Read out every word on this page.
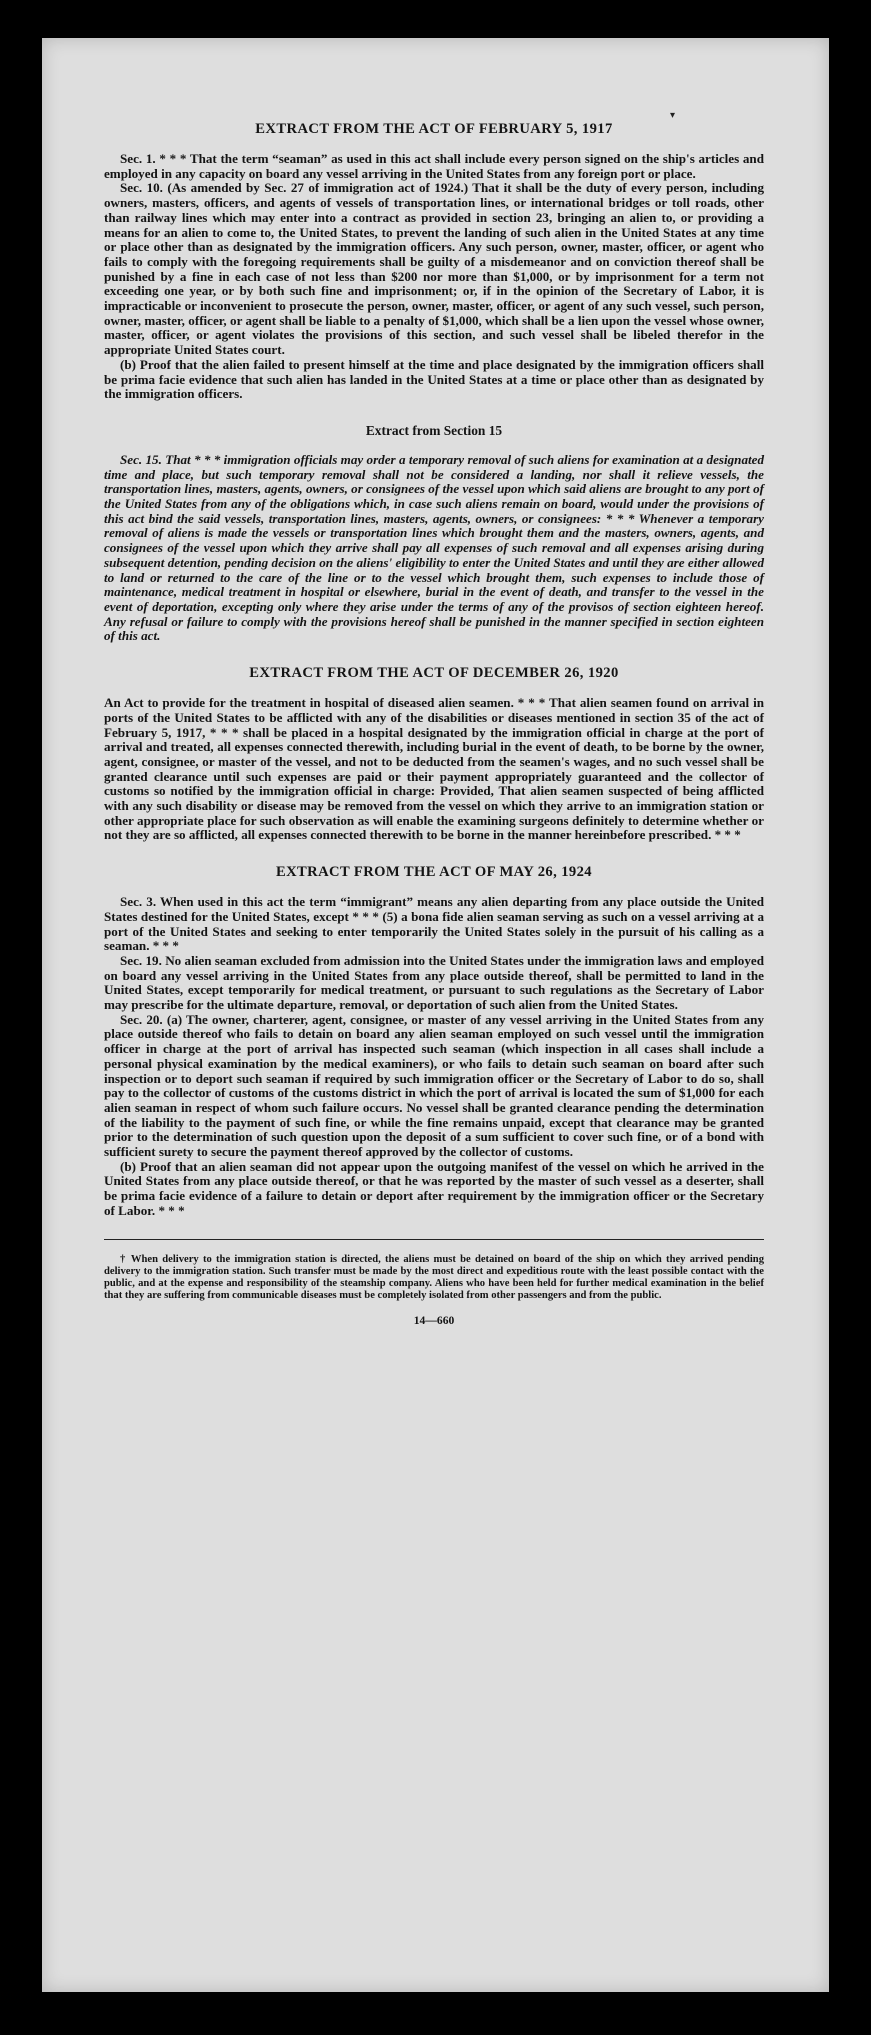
▾
EXTRACT FROM THE ACT OF FEBRUARY 5, 1917

Sec. 1. * * * That the term “seaman” as used in this act shall include every person signed on the ship's articles and employed in any capacity on board any vessel arriving in the United States from any foreign port or place.

Sec. 10. (As amended by Sec. 27 of immigration act of 1924.) That it shall be the duty of every person, including owners, masters, officers, and agents of vessels of transportation lines, or international bridges or toll roads, other than railway lines which may enter into a contract as provided in section 23, bringing an alien to, or providing a means for an alien to come to, the United States, to prevent the landing of such alien in the United States at any time or place other than as designated by the immigration officers. Any such person, owner, master, officer, or agent who fails to comply with the foregoing requirements shall be guilty of a misdemeanor and on conviction thereof shall be punished by a fine in each case of not less than $200 nor more than $1,000, or by imprisonment for a term not exceeding one year, or by both such fine and imprisonment; or, if in the opinion of the Secretary of Labor, it is impracticable or inconvenient to prosecute the person, owner, master, officer, or agent of any such vessel, such person, owner, master, officer, or agent shall be liable to a penalty of $1,000, which shall be a lien upon the vessel whose owner, master, officer, or agent violates the provisions of this section, and such vessel shall be libeled therefor in the appropriate United States court.

(b) Proof that the alien failed to present himself at the time and place designated by the immigration officers shall be prima facie evidence that such alien has landed in the United States at a time or place other than as designated by the immigration officers.

Extract from Section 15

Sec. 15. That * * * immigration officials may order a temporary removal of such aliens for examination at a designated time and place, but such temporary removal shall not be considered a landing, nor shall it relieve vessels, the transportation lines, masters, agents, owners, or consignees of the vessel upon which said aliens are brought to any port of the United States from any of the obligations which, in case such aliens remain on board, would under the provisions of this act bind the said vessels, transportation lines, masters, agents, owners, or consignees: * * * Whenever a temporary removal of aliens is made the vessels or transportation lines which brought them and the masters, owners, agents, and consignees of the vessel upon which they arrive shall pay all expenses of such removal and all expenses arising during subsequent detention, pending decision on the aliens' eligibility to enter the United States and until they are either allowed to land or returned to the care of the line or to the vessel which brought them, such expenses to include those of maintenance, medical treatment in hospital or elsewhere, burial in the event of death, and transfer to the vessel in the event of deportation, excepting only where they arise under the terms of any of the provisos of section eighteen hereof. Any refusal or failure to comply with the provisions hereof shall be punished in the manner specified in section eighteen of this act.

EXTRACT FROM THE ACT OF DECEMBER 26, 1920

An Act to provide for the treatment in hospital of diseased alien seamen. * * * That alien seamen found on arrival in ports of the United States to be afflicted with any of the disabilities or diseases mentioned in section 35 of the act of February 5, 1917, * * * shall be placed in a hospital designated by the immigration official in charge at the port of arrival and treated, all expenses connected therewith, including burial in the event of death, to be borne by the owner, agent, consignee, or master of the vessel, and not to be deducted from the seamen's wages, and no such vessel shall be granted clearance until such expenses are paid or their payment appropriately guaranteed and the collector of customs so notified by the immigration official in charge: Provided, That alien seamen suspected of being afflicted with any such disability or disease may be removed from the vessel on which they arrive to an immigration station or other appropriate place for such observation as will enable the examining surgeons definitely to determine whether or not they are so afflicted, all expenses connected therewith to be borne in the manner hereinbefore prescribed. * * *

EXTRACT FROM THE ACT OF MAY 26, 1924

Sec. 3. When used in this act the term “immigrant” means any alien departing from any place outside the United States destined for the United States, except * * * (5) a bona fide alien seaman serving as such on a vessel arriving at a port of the United States and seeking to enter temporarily the United States solely in the pursuit of his calling as a seaman. * * *

Sec. 19. No alien seaman excluded from admission into the United States under the immigration laws and employed on board any vessel arriving in the United States from any place outside thereof, shall be permitted to land in the United States, except temporarily for medical treatment, or pursuant to such regulations as the Secretary of Labor may prescribe for the ultimate departure, removal, or deportation of such alien from the United States.

Sec. 20. (a) The owner, charterer, agent, consignee, or master of any vessel arriving in the United States from any place outside thereof who fails to detain on board any alien seaman employed on such vessel until the immigration officer in charge at the port of arrival has inspected such seaman (which inspection in all cases shall include a personal physical examination by the medical examiners), or who fails to detain such seaman on board after such inspection or to deport such seaman if required by such immigration officer or the Secretary of Labor to do so, shall pay to the collector of customs of the customs district in which the port of arrival is located the sum of $1,000 for each alien seaman in respect of whom such failure occurs. No vessel shall be granted clearance pending the determination of the liability to the payment of such fine, or while the fine remains unpaid, except that clearance may be granted prior to the determination of such question upon the deposit of a sum sufficient to cover such fine, or of a bond with sufficient surety to secure the payment thereof approved by the collector of customs.

(b) Proof that an alien seaman did not appear upon the outgoing manifest of the vessel on which he arrived in the United States from any place outside thereof, or that he was reported by the master of such vessel as a deserter, shall be prima facie evidence of a failure to detain or deport after requirement by the immigration officer or the Secretary of Labor. * * *

† When delivery to the immigration station is directed, the aliens must be detained on board of the ship on which they arrived pending delivery to the immigration station. Such transfer must be made by the most direct and expeditious route with the least possible contact with the public, and at the expense and responsibility of the steamship company. Aliens who have been held for further medical examination in the belief that they are suffering from communicable diseases must be completely isolated from other passengers and from the public.

14—660
